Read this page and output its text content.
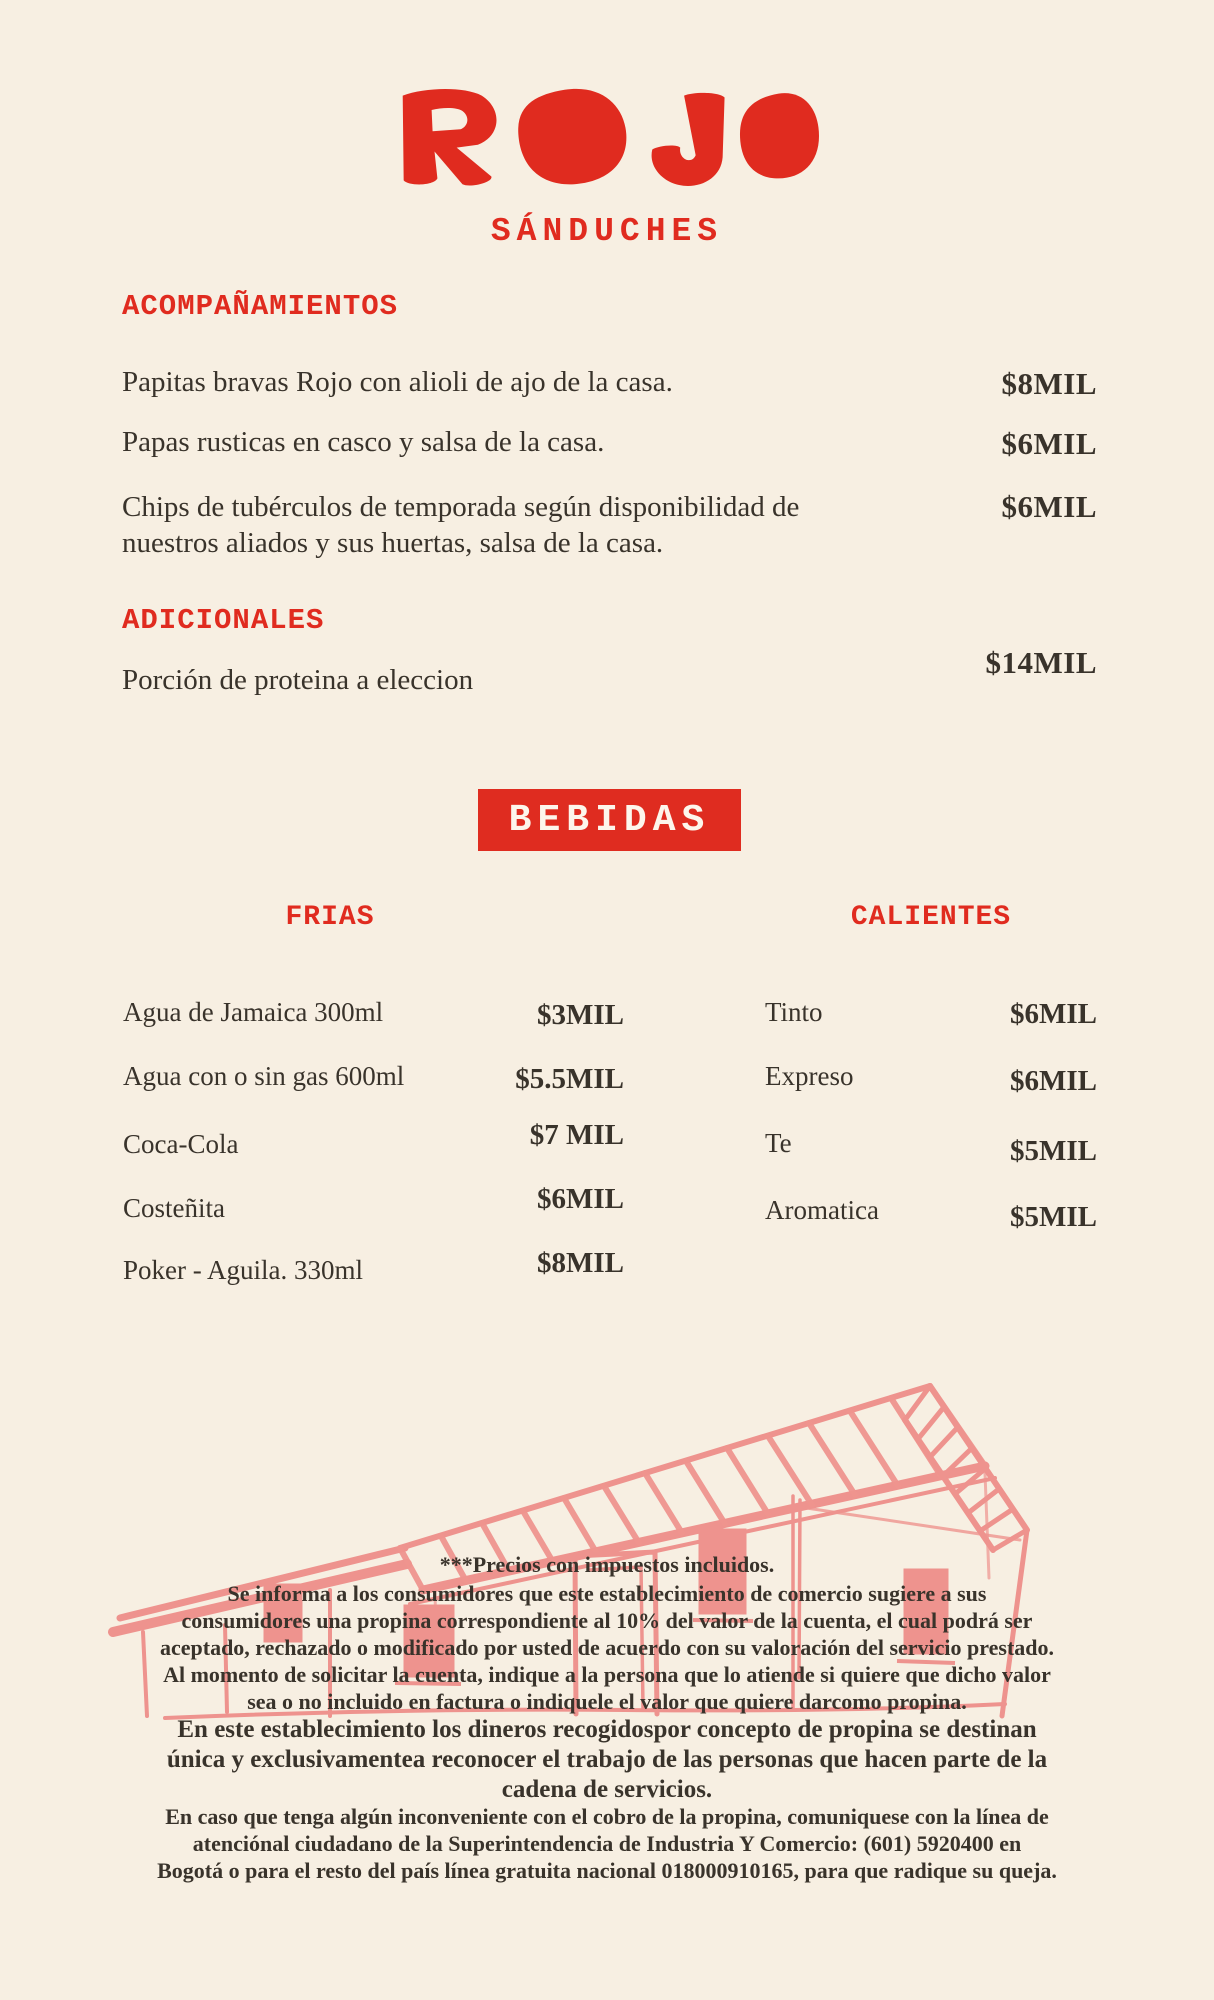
SÁNDUCHES
ACOMPAÑAMIENTOS
Papitas bravas Rojo con alioli de ajo de la casa.	$8MIL
Papas rusticas en casco y salsa de la casa.	$6MIL
Chips de tubérculos de temporada según disponibilidad de nuestros aliados y sus huertas, salsa de la casa.
$6MIL
ADICIONALES
Porción de proteina a eleccion	$14MIL
BEBIDAS
FRIAS	CALIENTES
Agua de Jamaica 300ml	$3MIL
Agua con o sin gas 600ml	$5.5MIL
Coca-Cola	$7 MIL
Costeñita	$6MIL
Poker - Aguila. 330ml	$8MIL
Tinto	$6MIL
Expreso	$6MIL
Te	$5MIL
Aromatica	$5MIL
***Precios con impuestos incluidos.
Se informa a los consumidores que este establecimiento de comercio sugiere a sus
consumidores una propina correspondiente al 10% del valor de la cuenta, el cual podrá ser
aceptado, rechazado o modificado por usted de acuerdo con su valoración del servicio prestado.
Al momento de solicitar la cuenta, indique a la persona que lo atiende si quiere que dicho valor
sea o no incluido en factura o indiquele el valor que quiere darcomo propina.
En este establecimiento los dineros recogidospor concepto de propina se destinan
única y exclusivamentea reconocer el trabajo de las personas que hacen parte de la
cadena de servicios.
En caso que tenga algún inconveniente con el cobro de la propina, comuniquese con la línea de
atenciónal ciudadano de la Superintendencia de Industria Y Comercio: (601) 5920400 en
Bogotá o para el resto del país línea gratuita nacional 018000910165, para que radique su queja.
